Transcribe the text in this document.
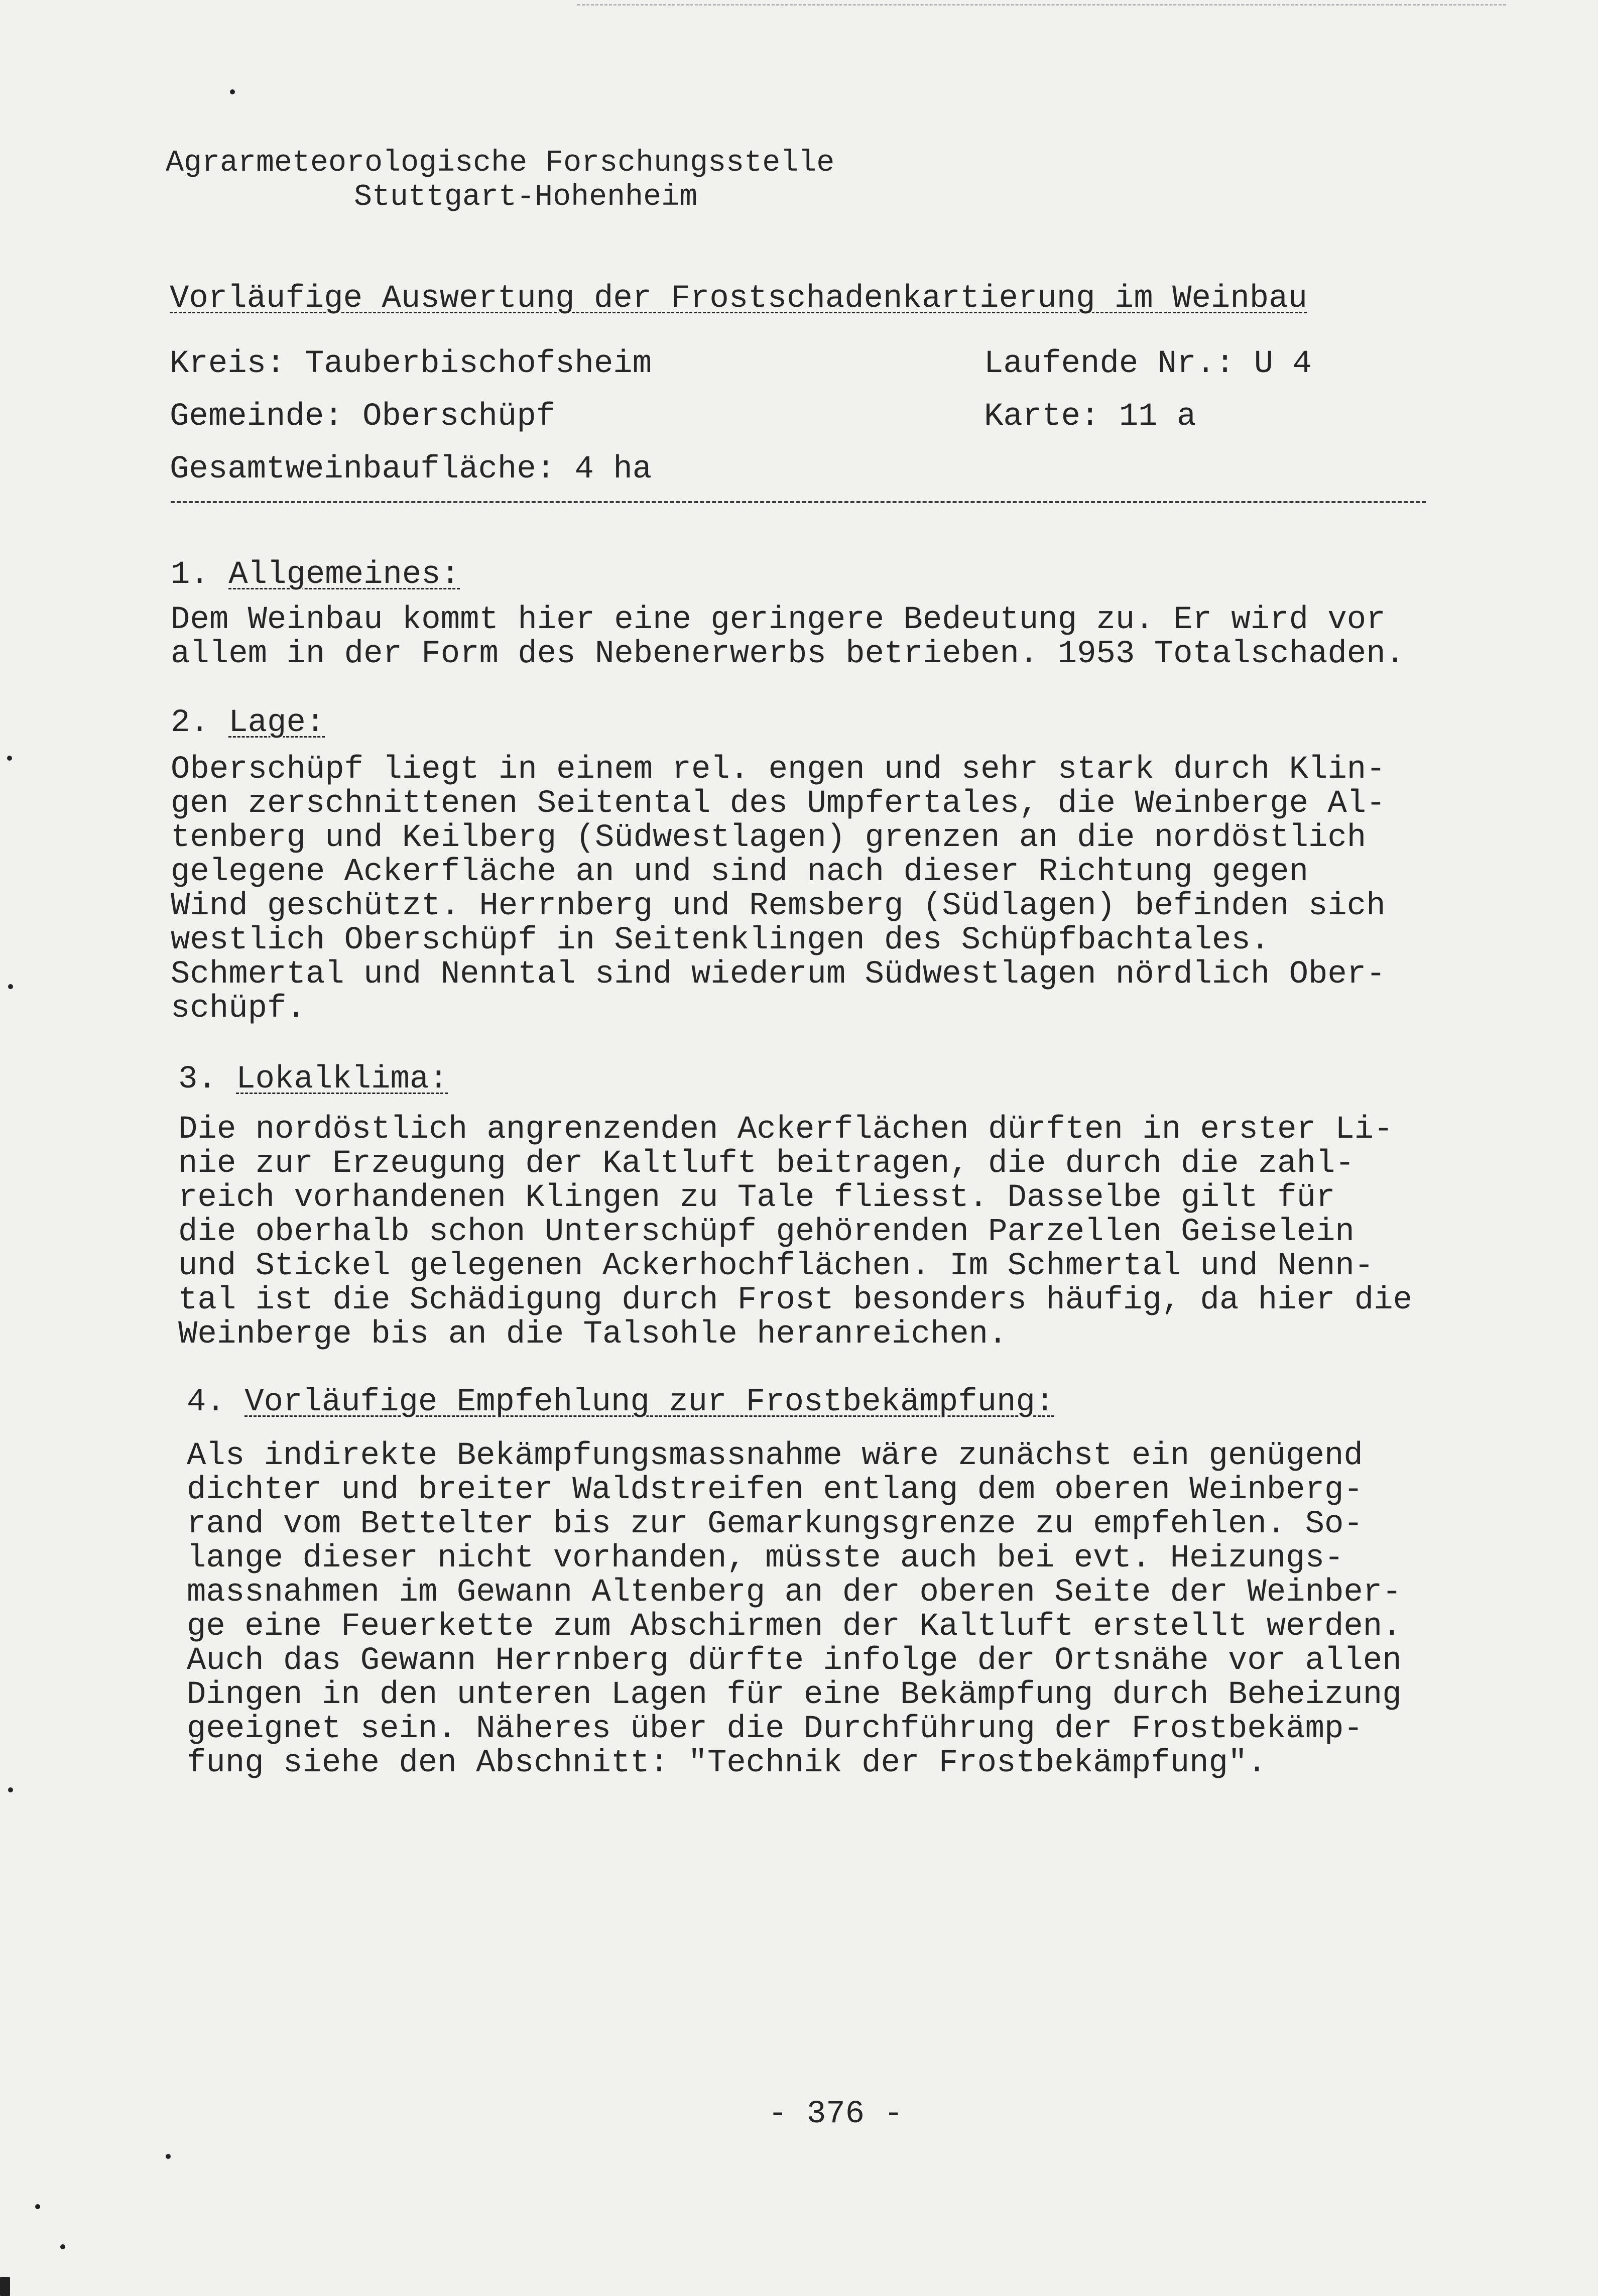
Agrarmeteorologische Forschungsstelle
Stuttgart-Hohenheim
Vorläufige Auswertung der Frostschadenkartierung im Weinbau
Kreis: Tauberbischofsheim	Laufende Nr.: U 4
Gemeinde: Oberschüpf	Karte: 11 a
Gesamtweinbaufläche: 4 ha
1. Allgemeines:
Dem Weinbau kommt hier eine geringere Bedeutung zu. Er wird vor
allem in der Form des Nebenerwerbs betrieben. 1953 Totalschaden.
2. Lage:
Oberschüpf liegt in einem rel. engen und sehr stark durch Klin-
gen zerschnittenen Seitental des Umpfertales, die Weinberge Al-
tenberg und Keilberg (Südwestlagen) grenzen an die nordöstlich
gelegene Ackerfläche an und sind nach dieser Richtung gegen
Wind geschützt. Herrnberg und Remsberg (Südlagen) befinden sich
westlich Oberschüpf in Seitenklingen des Schüpfbachtales.
Schmertal und Nenntal sind wiederum Südwestlagen nördlich Ober-
schüpf.
3. Lokalklima:
Die nordöstlich angrenzenden Ackerflächen dürften in erster Li-
nie zur Erzeugung der Kaltluft beitragen, die durch die zahl-
reich vorhandenen Klingen zu Tale fliesst. Dasselbe gilt für
die oberhalb schon Unterschüpf gehörenden Parzellen Geiselein
und Stickel gelegenen Ackerhochflächen. Im Schmertal und Nenn-
tal ist die Schädigung durch Frost besonders häufig, da hier die
Weinberge bis an die Talsohle heranreichen.
4. Vorläufige Empfehlung zur Frostbekämpfung:
Als indirekte Bekämpfungsmassnahme wäre zunächst ein genügend
dichter und breiter Waldstreifen entlang dem oberen Weinberg-
rand vom Bettelter bis zur Gemarkungsgrenze zu empfehlen. So-
lange dieser nicht vorhanden, müsste auch bei evt. Heizungs-
massnahmen im Gewann Altenberg an der oberen Seite der Weinber-
ge eine Feuerkette zum Abschirmen der Kaltluft erstellt werden.
Auch das Gewann Herrnberg dürfte infolge der Ortsnähe vor allen
Dingen in den unteren Lagen für eine Bekämpfung durch Beheizung
geeignet sein. Näheres über die Durchführung der Frostbekämp-
fung siehe den Abschnitt: "Technik der Frostbekämpfung".
- 376 -
